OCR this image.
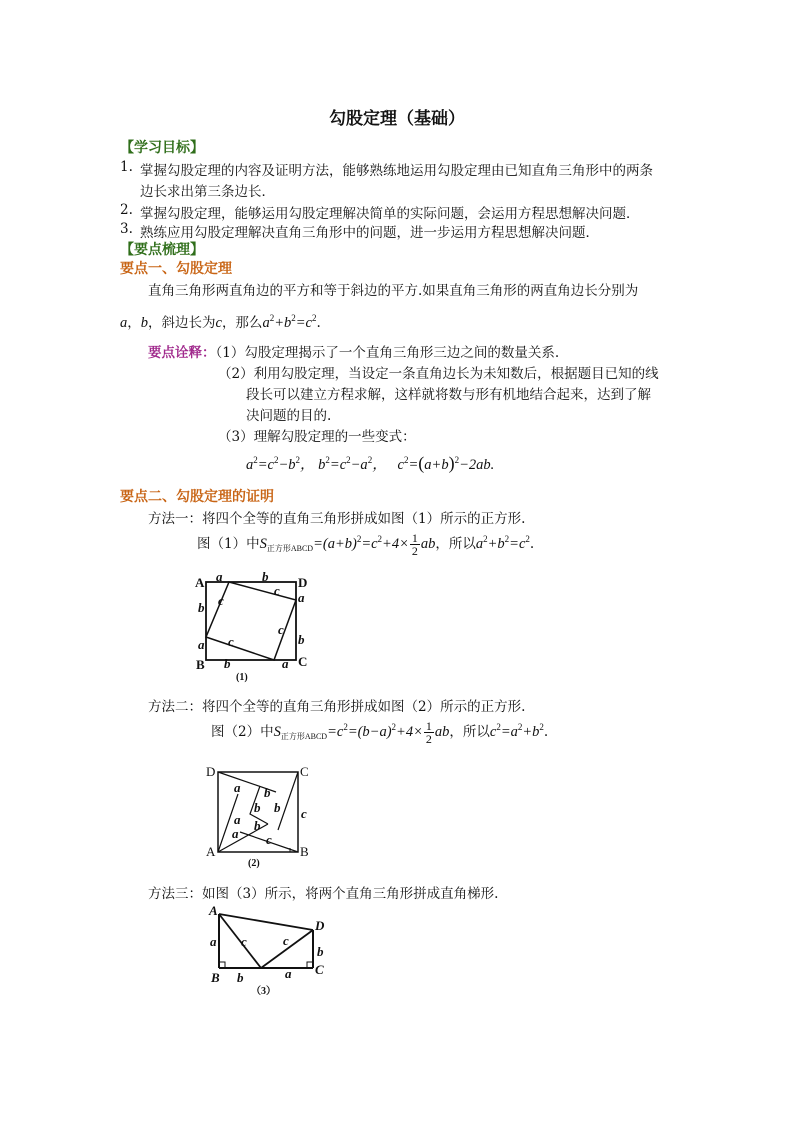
勾股定理（基础）
【学习目标】
1. 掌握勾股定理的内容及证明方法，能够熟练地运用勾股定理由已知直角三角形中的两条
边长求出第三条边长．
2. 掌握勾股定理，能够运用勾股定理解决简单的实际问题，会运用方程思想解决问题．
3. 熟练应用勾股定理解决直角三角形中的问题，进一步运用方程思想解决问题．
【要点梳理】
要点一、勾股定理
直角三角形两直角边的平方和等于斜边的平方.如果直角三角形的两直角边长分别为
a，b，斜边长为c，那么$a^2+b^2=c^2$.
要点诠释：（1）勾股定理揭示了一个直角三角形三边之间的数量关系.
（2）利用勾股定理，当设定一条直角边长为未知数后，根据题目已知的线
段长可以建立方程求解，这样就将数与形有机地结合起来，达到了解
决问题的目的.
（3）理解勾股定理的一些变式：
$a^2=c^2-b^2$， $b^2=c^2-a^2$，   $c^2=(a+b)^2-2ab$.
要点二、勾股定理的证明
方法一：将四个全等的直角三角形拼成如图（1）所示的正方形.
图（1）中$S_{正方形ABCD}=(a+b)^2=c^2+4\times \frac{1}{2}$ ab，所以$a^2+b^2=c^2$.
A	D
B	C
a	b
a
b
b
a
b	a
c
c
c
c
(1)
方法二：将四个全等的直角三角形拼成如图（2）所示的正方形.
图（2）中$S_{正方形ABCD}=c^2=(b-a)^2+4\times \frac{1}{2}$ ab，所以$c^2=a^2+b^2$.
D	C
A	B
a b
b b
a b
a c
c
(2)
方法三：如图（3）所示，将两个直角三角形拼成直角梯形.
A
D
B
C
a c	c
b
b	a
（3）
